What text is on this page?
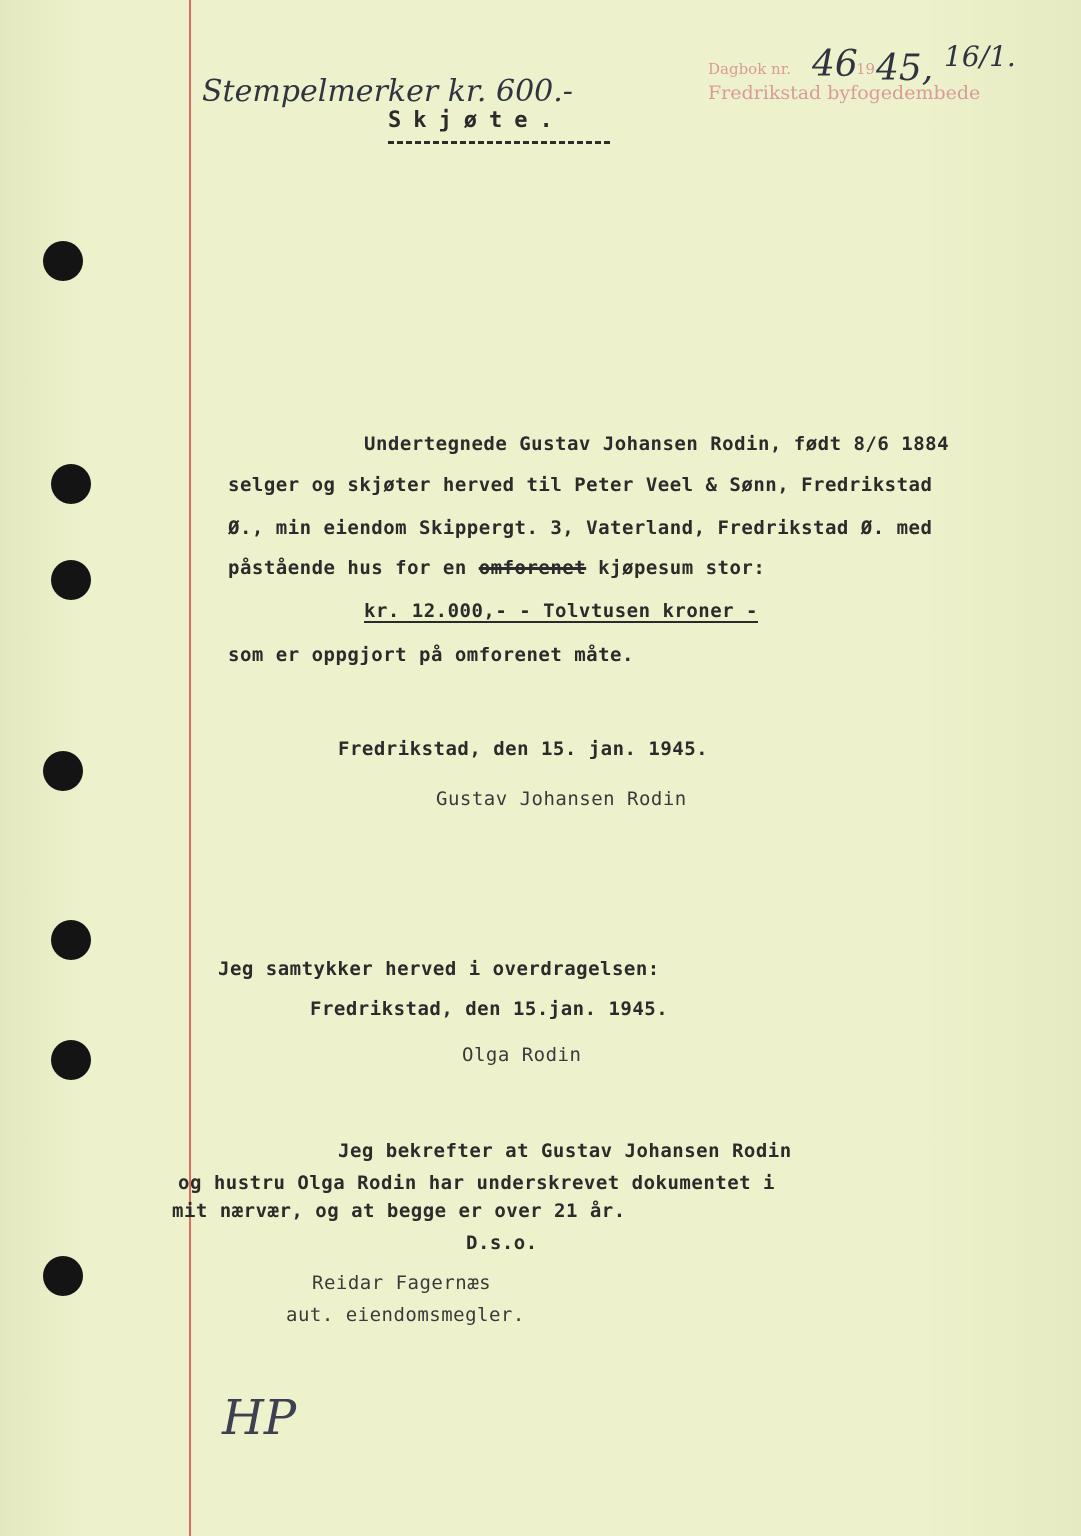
Stempelmerker kr. 600.-
Dagbok nr. 46
19 45, 16/1.
Fredrikstad byfogedembede
Skjøte.
Undertegnede Gustav Johansen Rodin, født 8/6 1884
selger og skjøter herved til Peter Veel & Sønn, Fredrikstad
Ø., min eiendom Skippergt. 3, Vaterland, Fredrikstad Ø. med
påstående hus for en omforenet kjøpesum stor:
kr. 12.000,- - Tolvtusen kroner -
som er oppgjort på omforenet måte.
Fredrikstad, den 15. jan. 1945.
Gustav Johansen Rodin
Jeg samtykker herved i overdragelsen:
Fredrikstad, den 15.jan. 1945.
Olga Rodin
Jeg bekrefter at Gustav Johansen Rodin
og hustru Olga Rodin har underskrevet dokumentet i
mit nærvær, og at begge er over 21 år.
D.s.o.
Reidar Fagernæs
aut. eiendomsmegler.
HP
